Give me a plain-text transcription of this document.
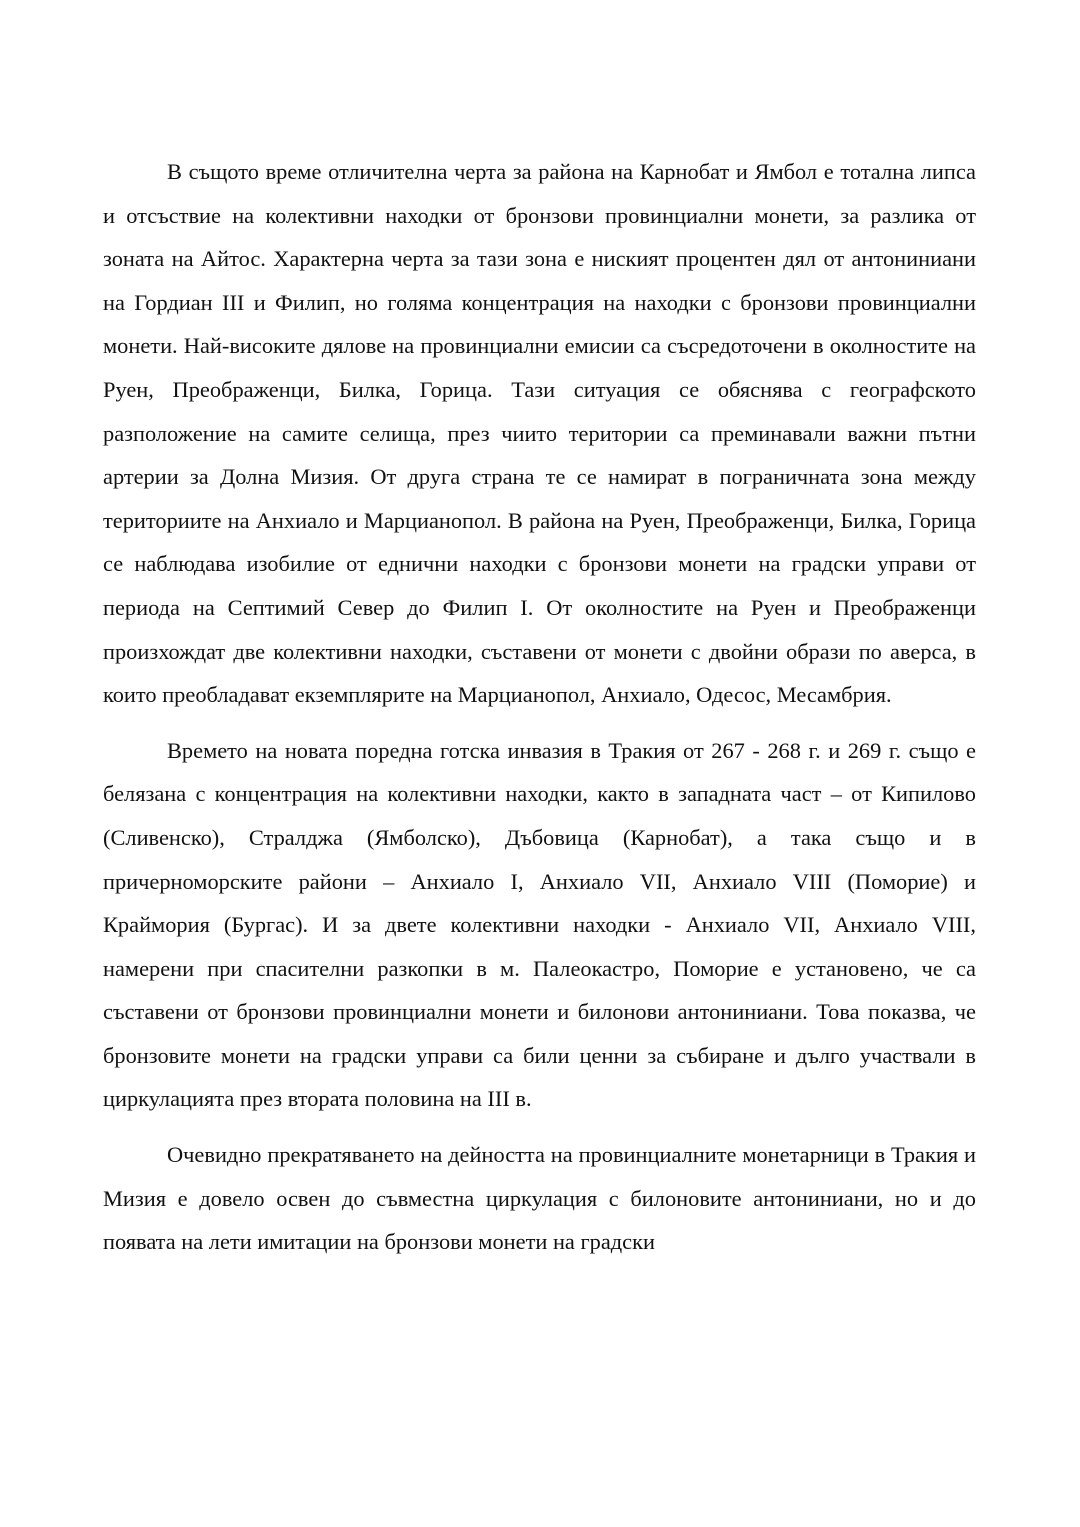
В същото време отличителна черта за района на Карнобат и Ямбол е тотална липса и отсъствие на колективни находки от бронзови провинциални монети, за разлика от зоната на Айтос. Характерна черта за тази зона е ниският процентен дял от антониниани на Гордиан III и Филип, но голяма концентрация на находки с бронзови провинциални монети. Най-високите дялове на провинциални емисии са съсредоточени в околностите на Руен, Преображенци, Билка, Горица. Тази ситуация се обяснява с географското разположение на самите селища, през чиито територии са преминавали важни пътни артерии за Долна Мизия. От друга страна те се намират в пограничната зона между териториите на Анхиало и Марцианопол. В района на Руен, Преображенци, Билка, Горица се наблюдава изобилие от еднични находки с бронзови монети на градски управи от периода на Септимий Север до Филип I. От околностите на Руен и Преображенци произхождат две колективни находки, съставени от монети с двойни образи по аверса, в които преобладават екземплярите на Марцианопол, Анхиало, Одесос, Месамбрия.

Времето на новата поредна готска инвазия в Тракия от 267 - 268 г. и 269 г. също е белязана с концентрация на колективни находки, както в западната част – от Кипилово (Сливенско), Стралджа (Ямболско), Дъбовица (Карнобат), а така също и в причерноморските райони – Анхиало I, Анхиало VII, Анхиало VIII (Поморие) и Краймория (Бургас). И за двете колективни находки - Анхиало VII, Анхиало VIII, намерени при спасителни разкопки в м. Палеокастро, Поморие е установено, че са съставени от бронзови провинциални монети и билонови антониниани. Това показва, че бронзовите монети на градски управи са били ценни за събиране и дълго участвали в циркулацията през втората половина на III в.

Очевидно прекратяването на дейността на провинциалните монетарници в Тракия и Мизия е довело освен до съвместна циркулация с билоновите антониниани, но и до появата на лети имитации на бронзови монети на градски
